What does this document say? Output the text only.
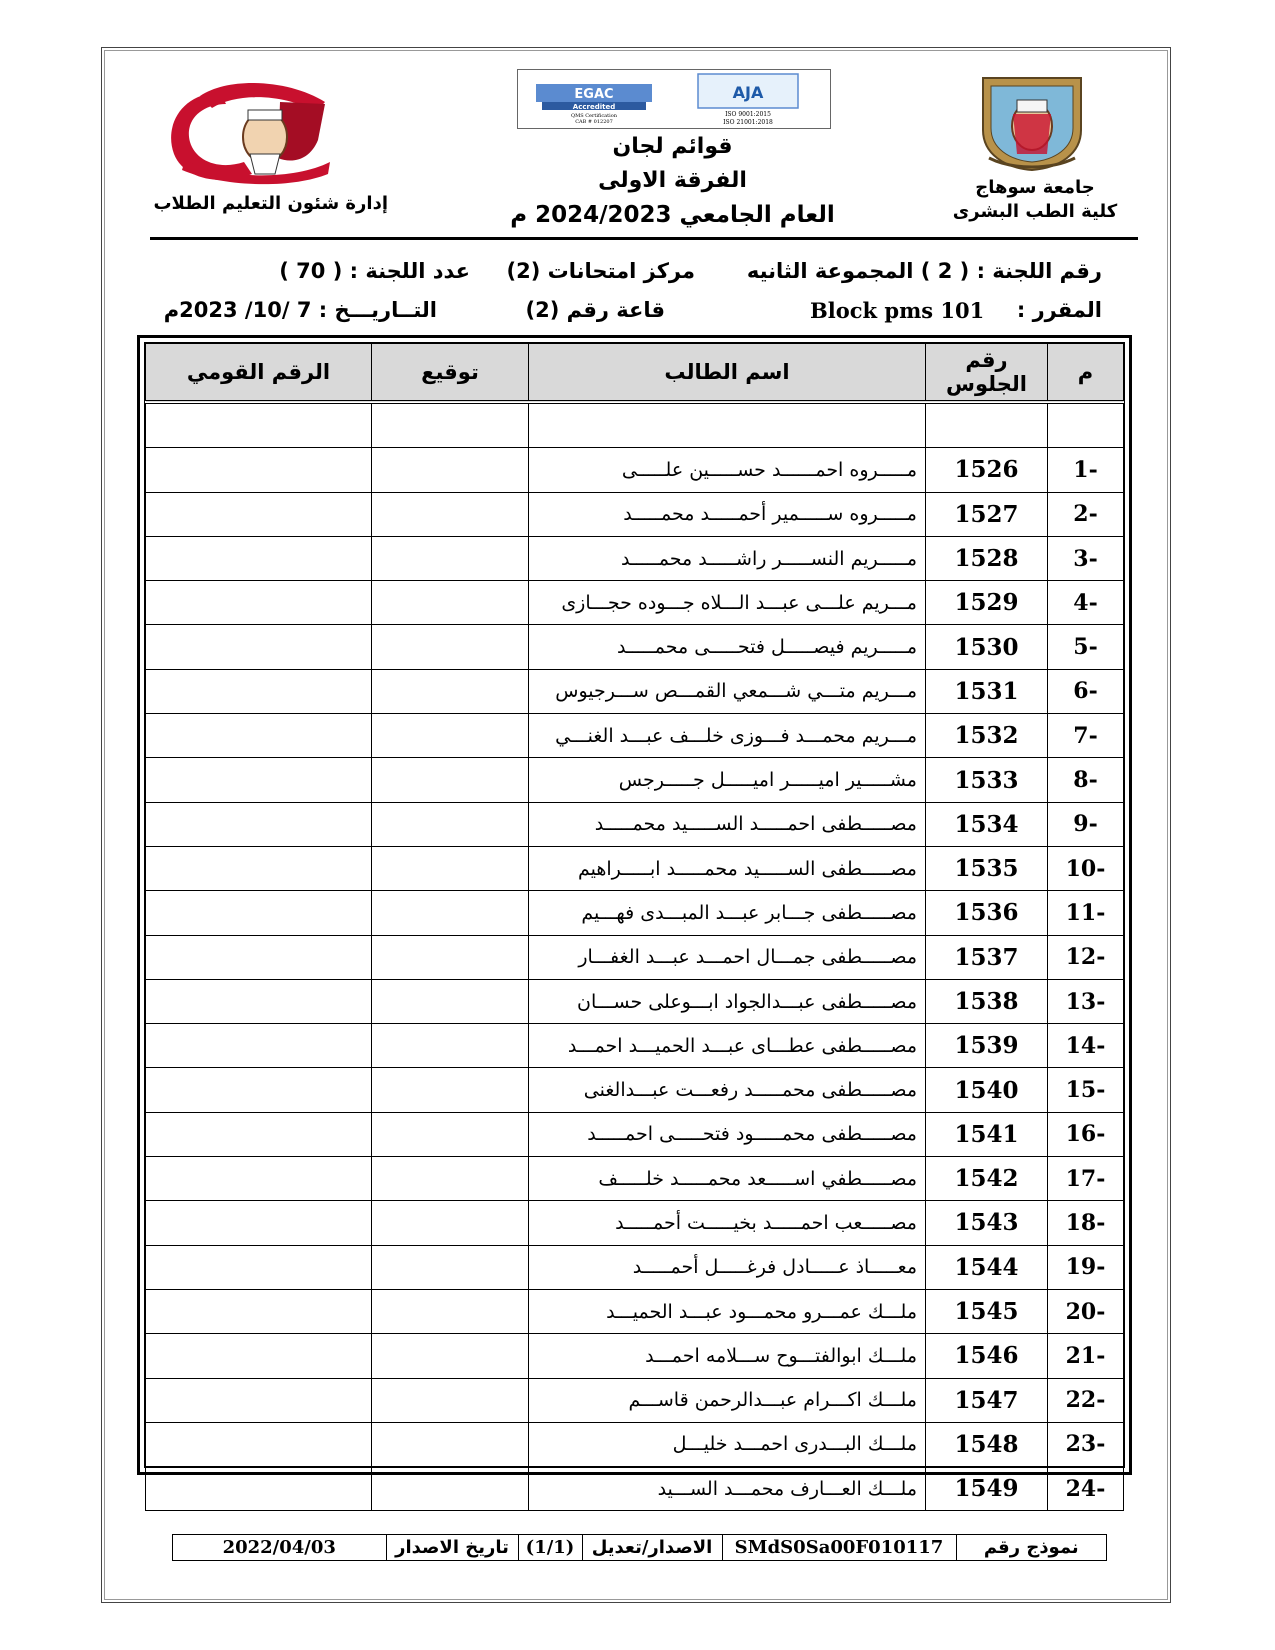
إدارة شئون التعليم الطلاب
EGAC
Accredited
QMS Certification
CAB # 012207
AJA
ISO 9001:2015
ISO 21001:2018
قوائم لجان
الفرقة الاولى
العام الجامعي 2024/2023 م
جامعة سوهاج
كلية الطب البشرى
رقم اللجنة : ( 2 ) المجموعة الثانيه
مركز امتحانات (2)
عدد اللجنة : ( 70 )
المقرر :
Block pms 101
قاعة رقم (2)
التــاريـــخ : 7 /10/ 2023م
م	رقم الجلوس	اسم الطالب	توقيع	الرقم القومي

-1	1526	مـــــروه احمــــــد حســـــين علـــــى		
-2	1527	مـــــروه ســـــمير أحمـــــد محمـــــد		
-3	1528	مـــــريم النســـــر راشـــــد محمـــــد		
-4	1529	مـــريم علـــى عبـــد الـــلاه جـــوده حجـــازى		
-5	1530	مـــــريم فيصـــــل فتحـــــى محمـــــد		
-6	1531	مـــريم متـــي شـــمعي القمـــص ســـرجيوس		
-7	1532	مـــريم محمـــد فـــوزى خلـــف عبـــد الغنـــي		
-8	1533	مشـــــير اميـــــر اميـــــل جـــــرجس		
-9	1534	مصـــــطفى احمـــــد الســـــيد محمـــــد		
-10	1535	مصـــــطفى الســـــيد محمـــــد ابـــــراهيم		
-11	1536	مصـــــطفى جـــابر عبـــد المبـــدى فهـــيم		
-12	1537	مصـــــطفى جمـــال احمـــد عبـــد الغفـــار		
-13	1538	مصـــــطفى عبـــدالجواد ابـــوعلى حســـان		
-14	1539	مصـــــطفى عطـــاى عبـــد الحميـــد احمـــد		
-15	1540	مصـــــطفى محمـــــد رفعـــت عبـــدالغنى		
-16	1541	مصـــــطفى محمـــــود فتحـــــى احمـــــد		
-17	1542	مصـــــطفي اســـــعد محمـــــد خلـــــف		
-18	1543	مصـــــعب احمـــــد بخيـــــت أحمـــــد		
-19	1544	معـــــاذ عـــــادل فرغـــــل أحمـــــد		
-20	1545	ملـــك عمـــرو محمـــود عبـــد الحميـــد		
-21	1546	ملـــك ابوالفتـــوح ســـلامه احمـــد		
-22	1547	ملـــك اكـــرام عبـــدالرحمن قاســـم		
-23	1548	ملـــك البـــدرى احمـــد خليـــل		
-24	1549	ملـــك العـــارف محمـــد الســـيد		
نموذج رقم	SMdS0Sa00F010117	الاصدار/تعديل	(1/1)	تاريخ الاصدار	2022/04/03
